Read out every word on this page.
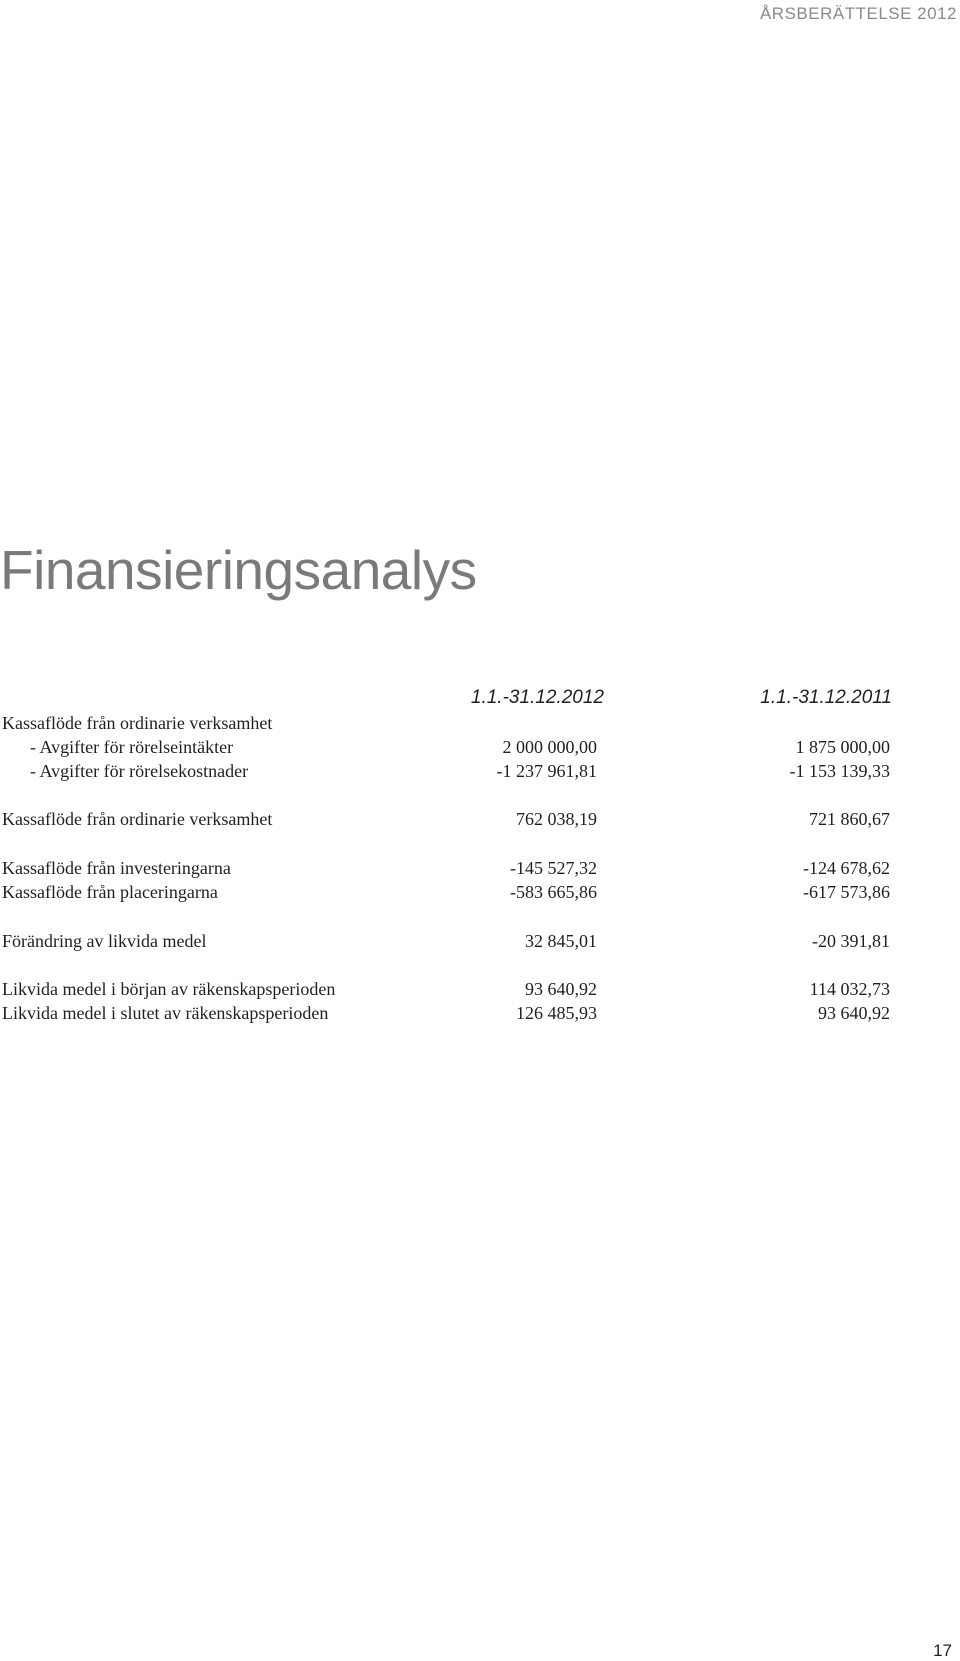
ÅRSBERÄTTELSE 2012
Finansieringsanalys
1.1.-31.12.2012	1.1.-31.12.2011
Kassaflöde från ordinarie verksamhet
- Avgifter för rörelseintäkter	2 000 000,00	1 875 000,00
- Avgifter för rörelsekostnader	-1 237 961,81	-1 153 139,33
Kassaflöde från ordinarie verksamhet	762 038,19	721 860,67
Kassaflöde från investeringarna	-145 527,32	-124 678,62
Kassaflöde från placeringarna	-583 665,86	-617 573,86
Förändring av likvida medel	32 845,01	-20 391,81
Likvida medel i början av räkenskapsperioden	93 640,92	114 032,73
Likvida medel i slutet av räkenskapsperioden	126 485,93	93 640,92
17
